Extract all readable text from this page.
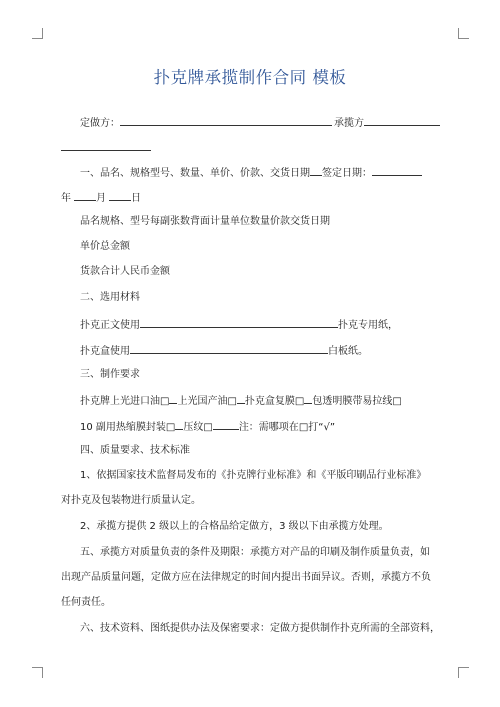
扑克牌承揽制作合同 模板
定做方：	承揽方
一、品名、规格型号、数量、单价、价款、交货日期 签定日期：
年	月	日
品名规格、型号每副张数背面计量单位数量价款交货日期
单价总金额
货款合计人民币金额
二、选用材料
扑克正文使用	扑克专用纸，
扑克盒使用	白板纸。
三、制作要求
扑克牌上光进口油□ 上光国产油□ 扑克盒复膜□ 包透明膜带易拉线□
10 副用热缩膜封装□ 压纹□	注：需哪项在□打“√”
四、质量要求、技术标准
1、依据国家技术监督局发布的《扑克牌行业标准》和《平版印刷品行业标准》
对扑克及包装物进行质量认定。
2、承揽方提供 2 级以上的合格品给定做方，3 级以下由承揽方处理。
五、承揽方对质量负责的条件及期限：承揽方对产品的印刷及制作质量负责，如
出现产品质量问题，定做方应在法律规定的时间内提出书面异议。否则，承揽方不负
任何责任。
六、技术资料、图纸提供办法及保密要求：定做方提供制作扑克所需的全部资料，
